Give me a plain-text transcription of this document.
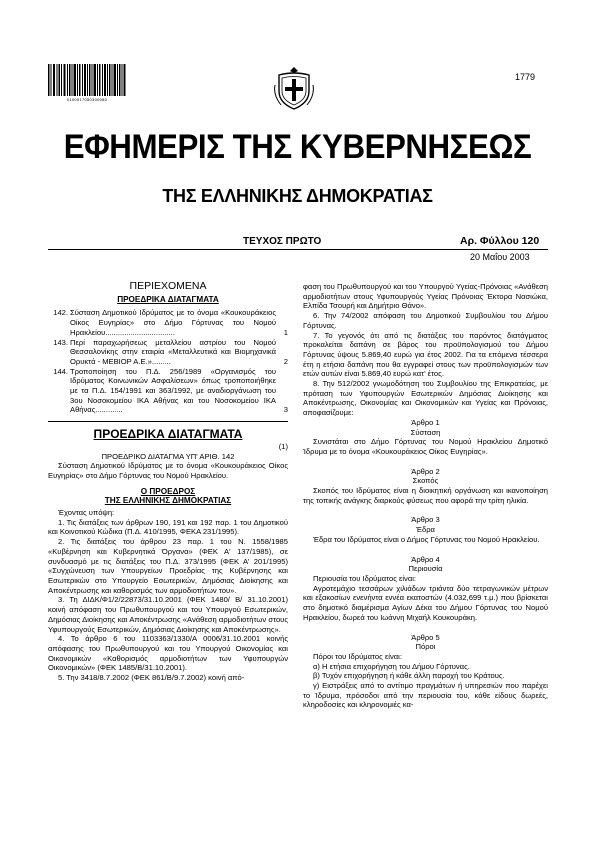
0100017050300080
1779
ΕΦΗΜΕΡΙΣ ΤΗΣ ΚΥΒΕΡΝΗΣΕΩΣ
ΤΗΣ ΕΛΛΗΝΙΚΗΣ ΔΗΜΟΚΡΑΤΙΑΣ
ΤΕΥΧΟΣ ΠΡΩΤΟ	Αρ. Φύλλου 120
20 Μαΐου 2003
ΠΕΡΙΕΧΟΜΕΝΑ
ΠΡΟΕΔΡΙΚΑ ΔΙΑΤΑΓΜΑΤΑ
142. Σύσταση Δημοτικού Ιδρύματος με το όνομα «Κουκουράκειος Οίκος Ευγηρίας» στο Δήμο Γόρτυνας του Νομού Ηρακλείου.................................	1
143. Περί παραχωρήσεως μεταλλείου αστρίου του Νομού Θεσσαλονίκης στην εταιρία «Μεταλλευτικά και Βιομηχανικά Ορυκτά - ΜΕΒΙΟΡ Α.Ε.».........	2
144. Τροποποίηση του Π.Δ. 256/1989 «Οργανισμός του Ιδρύματος Κοινωνικών Ασφαλίσεων» όπως τροποποιήθηκε με τα Π.Δ. 154/1991 και 363/1992, με αναδιοργάνωση του 3ου Νοσοκομείου ΙΚΑ Αθήνας και του Νοσοκομείου ΙΚΑ Αθήνας.............	3
ΠΡΟΕΔΡΙΚΑ ΔΙΑΤΑΓΜΑΤΑ
(1)
ΠΡΟΕΔΡΙΚΟ ΔΙΑΤΑΓΜΑ ΥΠ' ΑΡΙΘ. 142

Σύσταση Δημοτικού Ιδρύματος με το όνομα «Κουκουράκειος Οίκος Ευγηρίας» στο Δήμο Γόρτυνας του Νομού Ηρακλείου.

Ο ΠΡΟΕΔΡΟΣ
ΤΗΣ ΕΛΛΗΝΙΚΗΣ ΔΗΜΟΚΡΑΤΙΑΣ

Έχοντας υπόψη:

1. Τις διατάξεις των άρθρων 190, 191 και 192 παρ. 1 του Δημοτικού και Κοινοτικού Κώδικα (Π.Δ. 410/1995, ΦΕΚΑ 231/1995).

2. Τις διατάξεις του άρθρου 23 παρ. 1 του Ν. 1558/1985 «Κυβέρνηση και Κυβερνητικά Όργανα» (ΦΕΚ Α' 137/1985), σε συνδυασμό με τις διατάξεις του Π.Δ. 373/1995 (ΦΕΚ Α' 201/1995) «Συγχώνευση των Υπουργείων Προεδρίας της Κυβέρνησης και Εσωτερικών στο Υπουργείο Εσωτερικών, Δημόσιας Διοίκησης και Αποκέντρωσης και καθορισμός των αρμοδιοτήτων του».

3. Τη ΔΙΔΚ/Φ1/2/22873/31.10.2001 (ΦΕΚ 1480/ Β/ 31.10.2001) κοινή απόφαση του Πρωθυπουργού και του Υπουργού Εσωτερικών, Δημόσιας Διοίκησης και Αποκέντρωσης «Ανάθεση αρμοδιοτήτων στους Υφυπουργούς Εσωτερικών, Δημόσιας Διοίκησης και Αποκέντρωσης».

4. Το άρθρο 6 του 1103363/1330/Α 0006/31.10.2001 κοινής απόφασης του Πρωθυπουργού και του Υπουργού Οικονομίας και Οικονομικών «Καθορισμός αρμοδιοτήτων των Υφυπουργών Οικονομικών» (ΦΕΚ 1485/Β/31.10.2001).

5. Την 3418/8.7.2002 (ΦΕΚ 861/Β/9.7.2002) κοινή από-

φαση του Πρωθυπουργού και του Υπουργού Υγείας-Πρόνοιας «Ανάθεση αρμοδιοτήτων στους Υφυπουργούς Υγείας Πρόνοιας Έκτορα Νασιώκα, Ελπίδα Τσουρή και Δημήτριο Θάνο».

6. Την 74/2002 απόφαση του Δημοτικού Συμβουλίου του Δήμου Γόρτυνας.

7. Το γεγονός ότι από τις διατάξεις του παρόντος διατάγματος προκαλείται δαπάνη σε βάρος του προϋπολογισμού του Δήμου Γόρτυνας ύψους 5.869,40 ευρώ για έτος 2002. Για τα επόμενα τέσσερα έτη η ετήσια δαπάνη που θα εγγραφεί στους των προϋπολογισμών των ετών αυτών είναι 5.869,40 ευρώ κατ' έτος.

8. Την 512/2002 γνωμοδότηση του Συμβουλίου της Επικρατείας, με πρόταση των Υφυπουργών Εσωτερικών Δημόσιας Διοίκησης και Αποκέντρωσης, Οικονομίας και Οικονομικών και Υγείας και Πρόνοιας, αποφασίζουμε:

Άρθρο 1
Σύσταση

Συνιστάται στο Δήμο Γόρτυνας του Νομού Ηρακλείου Δημοτικό Ίδρυμα με το όνομα «Κουκουράκειος Οίκος Ευγηρίας».

Άρθρο 2
Σκοπός

Σκοπός του Ιδρύματος είναι η διοικητική οργάνωση και ικανοποίηση της τοπικής ανάγκης διαρκούς φύσεως που αφορά την τρίτη ηλικία.

Άρθρο 3
Έδρα

Έδρα του Ιδρύματος είναι ο Δήμος Γόρτυνας του Νομού Ηρακλείου.

Άρθρο 4
Περιουσία

Περιουσία του Ιδρύματος είναι:

Αγροτεμάχιο τεσσάρων χιλιάδων τριάντα δύο τετραγωνικών μέτρων και εξακοσίων ενενήντα εννέα εκατοστών (4.032,699 τ.μ.) που βρίσκεται στο δημοτικό διαμέρισμα Αγίων Δέκα του Δήμου Γόρτυνας του Νομού Ηρακλείου, δωρεά του Ιωάννη Μιχαήλ Κουκουράκη.

Άρθρο 5
Πόροι

Πόροι του Ιδρύματος είναι:

α) Η ετήσια επιχορήγηση του Δήμου Γόρτυνας.

β) Τυχόν επιχορήγηση ή κάθε άλλη παροχή του Κράτους.

γ) Ειστράξεις από το αντίτιμο πραγμάτων ή υπηρεσιών που παρέχει το Ίδρυμα, πρόσοδοι από την περιουσία του, κάθε είδους δωρεές, κληροδοσίες και κληρονομιές κα-
